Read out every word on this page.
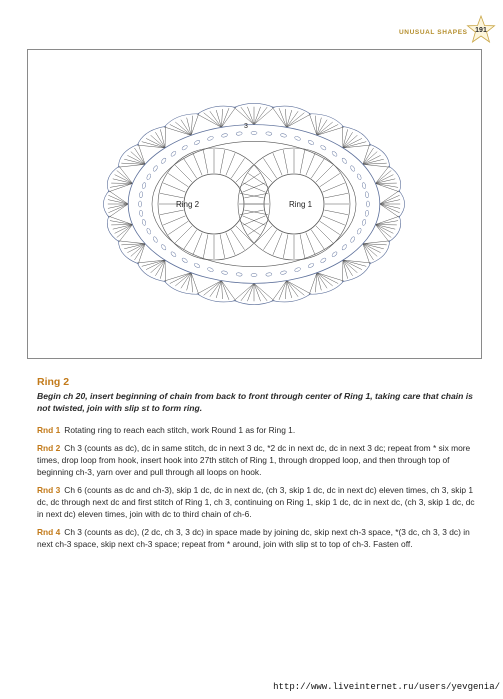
UNUSUAL SHAPES	191
Ring 2	Ring 1
3
Ring 2
Begin ch 20, insert beginning of chain from back to front through center of Ring 1, taking care that chain is not twisted, join with slip st to form ring.
Rnd 1 Rotating ring to reach each stitch, work Round 1 as for Ring 1.
Rnd 2 Ch 3 (counts as dc), dc in same stitch, dc in next 3 dc, *2 dc in next dc, dc in next 3 dc; repeat from * six more times, drop loop from hook, insert hook into 27th stitch of Ring 1, through dropped loop, and then through top of beginning ch-3, yarn over and pull through all loops on hook.
Rnd 3 Ch 6 (counts as dc and ch-3), skip 1 dc, dc in next dc, (ch 3, skip 1 dc, dc in next dc) eleven times, ch 3, skip 1 dc, dc through next dc and first stitch of Ring 1, ch 3, continuing on Ring 1, skip 1 dc, dc in next dc, (ch 3, skip 1 dc, dc in next dc) eleven times, join with dc to third chain of ch-6.
Rnd 4 Ch 3 (counts as dc), (2 dc, ch 3, 3 dc) in space made by joining dc, skip next ch-3 space, *(3 dc, ch 3, 3 dc) in next ch-3 space, skip next ch-3 space; repeat from * around, join with slip st to top of ch-3. Fasten off.
http://www.liveinternet.ru/users/yevgenia/
